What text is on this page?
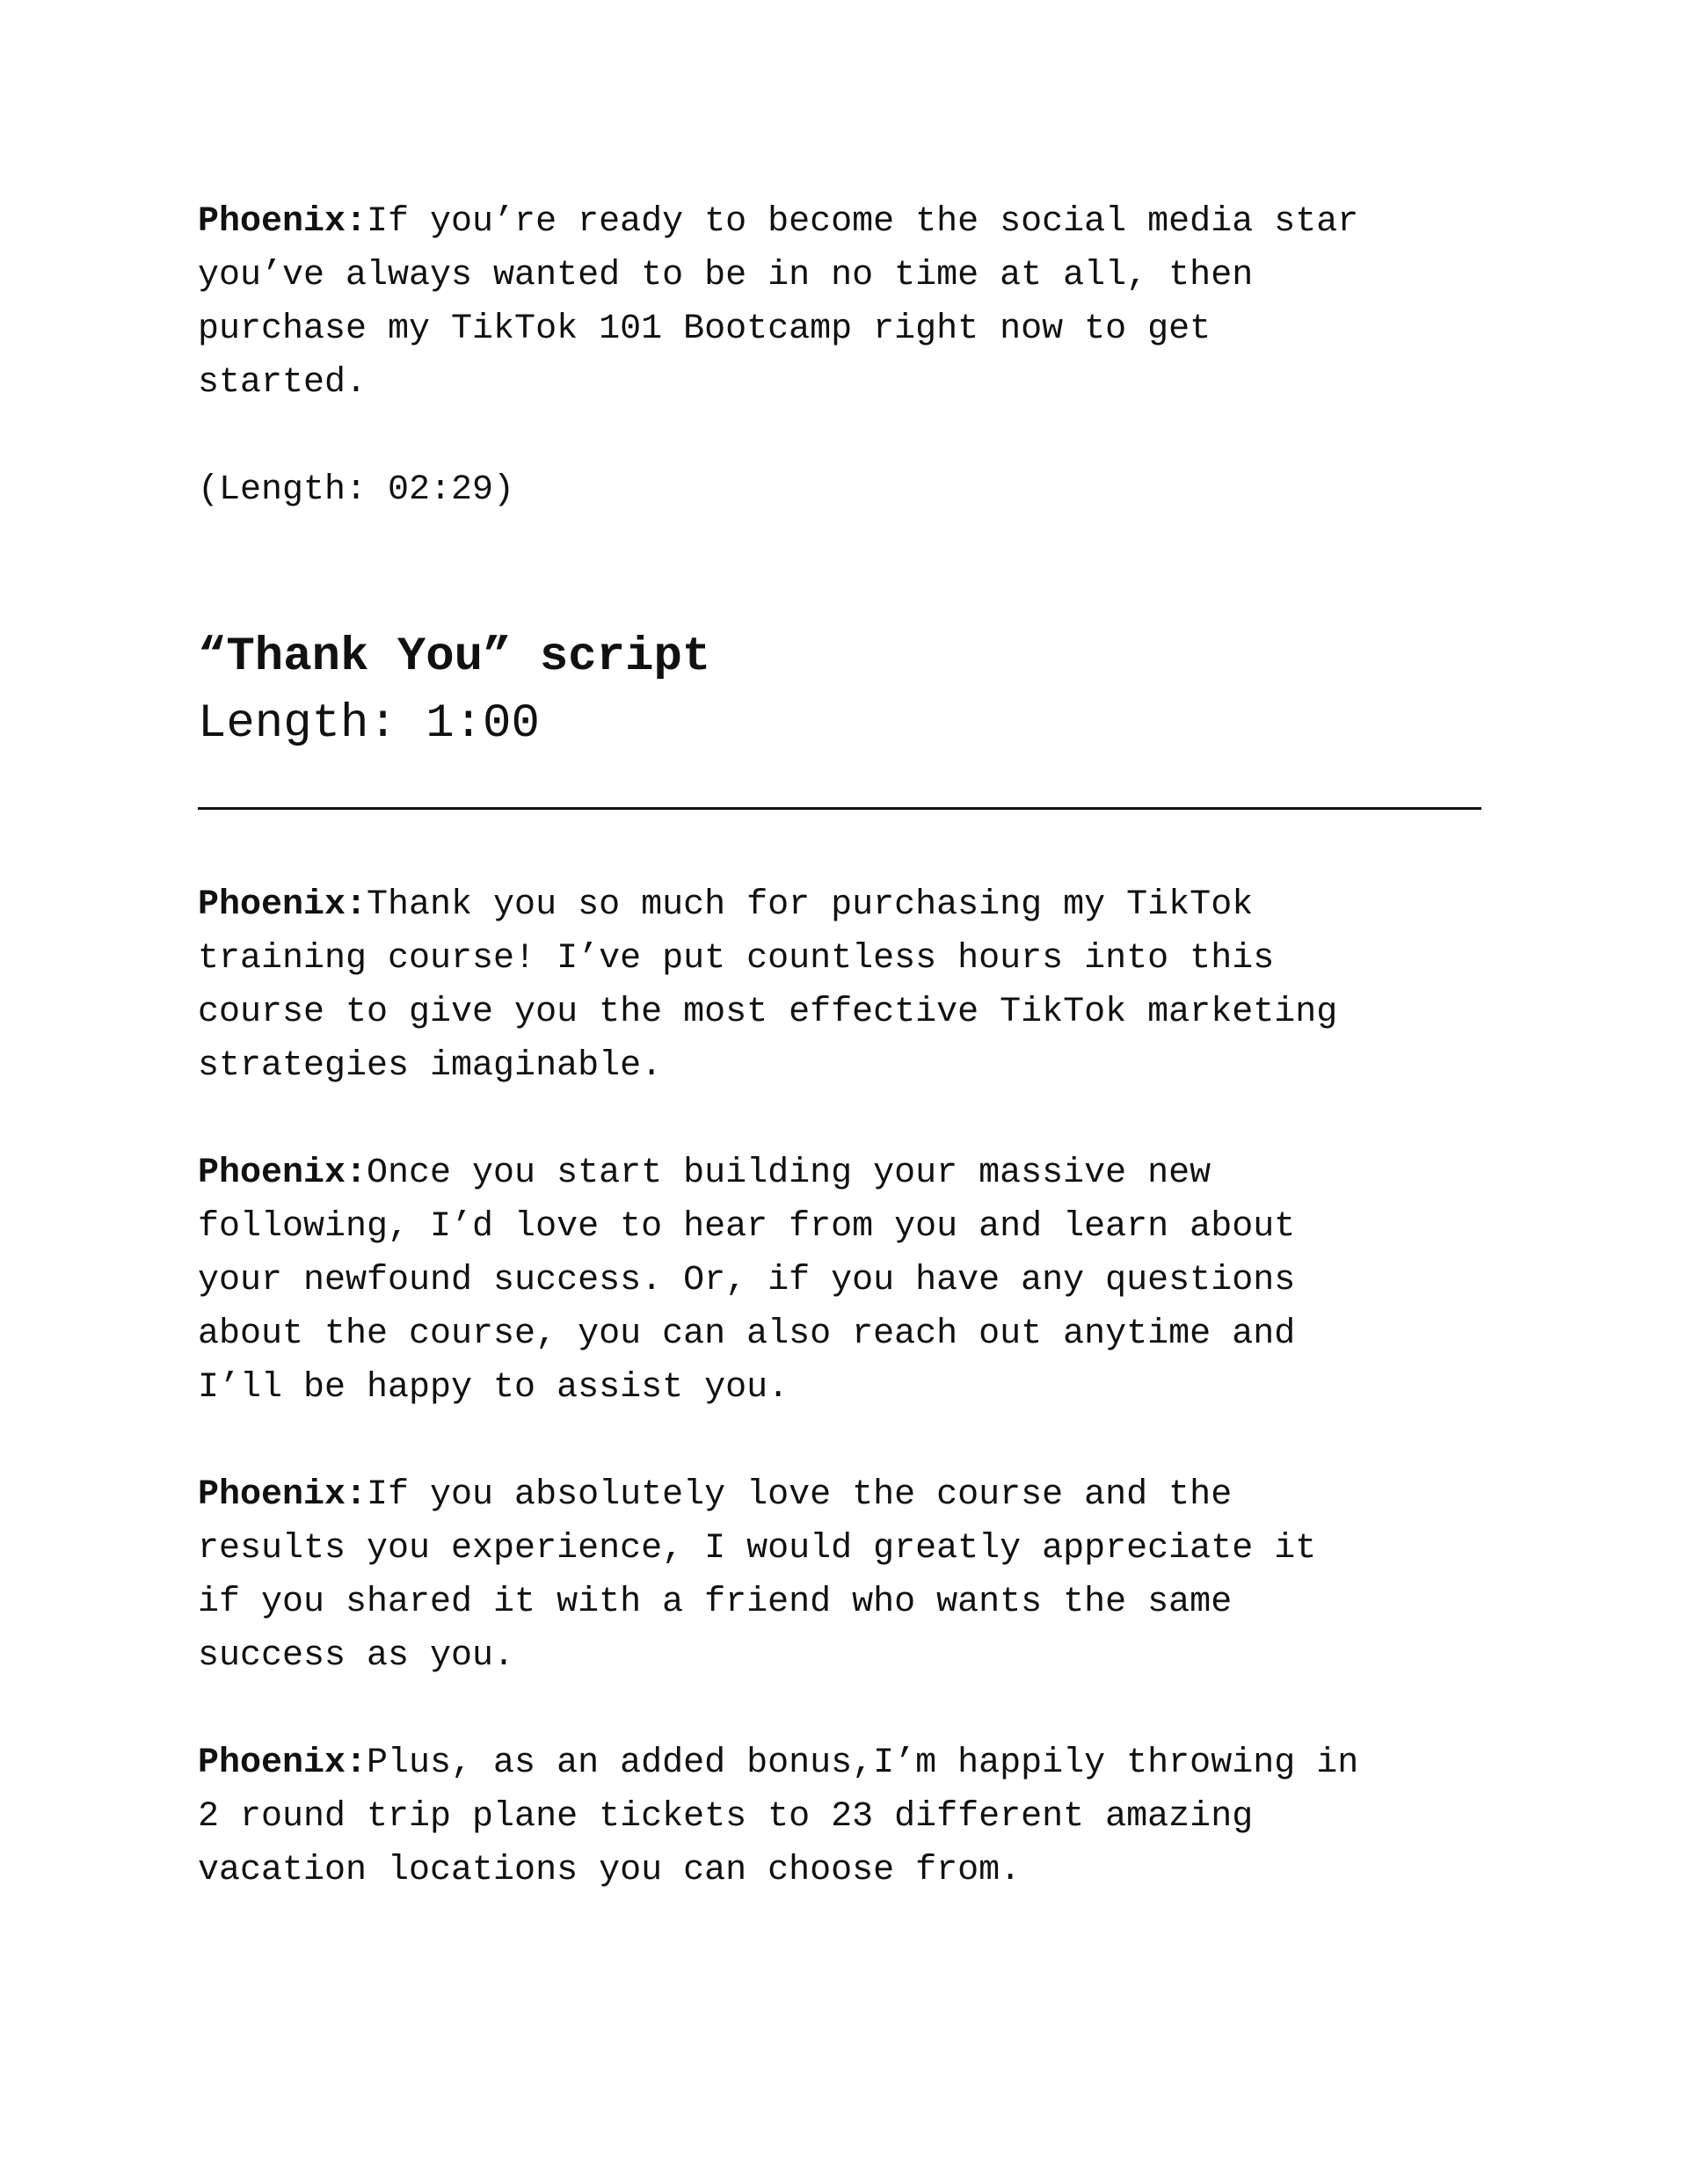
Phoenix:If you’re ready to become the social media star
you’ve always wanted to be in no time at all, then
purchase my TikTok 101 Bootcamp right now to get
started.

(Length: 02:29)

“Thank You” script

Length: 1:00

Phoenix:Thank you so much for purchasing my TikTok
training course! I’ve put countless hours into this
course to give you the most effective TikTok marketing
strategies imaginable.

Phoenix:Once you start building your massive new
following, I’d love to hear from you and learn about
your newfound success. Or, if you have any questions
about the course, you can also reach out anytime and
I’ll be happy to assist you.

Phoenix:If you absolutely love the course and the
results you experience, I would greatly appreciate it
if you shared it with a friend who wants the same
success as you.

Phoenix:Plus, as an added bonus,I’m happily throwing in
2 round trip plane tickets to 23 different amazing
vacation locations you can choose from.
